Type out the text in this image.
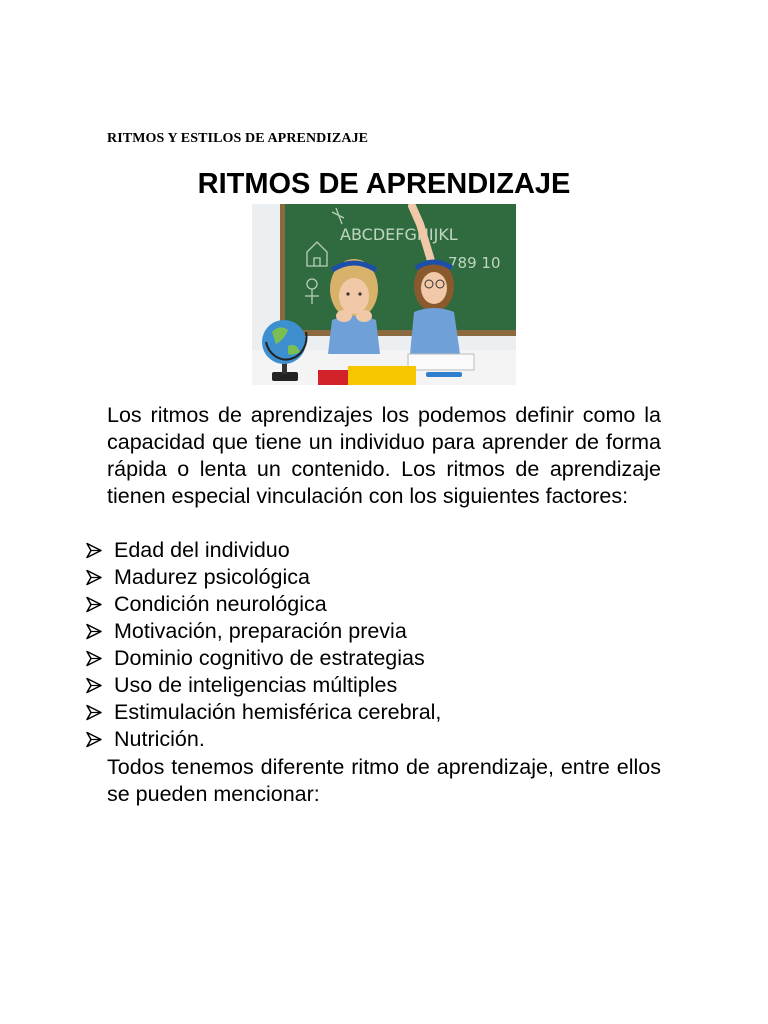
RITMOS Y ESTILOS DE APRENDIZAJE
RITMOS DE APRENDIZAJE
ABCDEFGHIJKL
789 10
Los ritmos de aprendizajes los podemos definir como la capacidad que tiene un individuo para aprender de forma rápida o lenta un contenido. Los ritmos de aprendizaje tienen especial vinculación con los siguientes factores:
Edad del individuo
Madurez psicológica
Condición neurológica
Motivación, preparación previa
Dominio cognitivo de estrategias
Uso de inteligencias múltiples
Estimulación hemisférica cerebral,
Nutrición.
Todos tenemos diferente ritmo de aprendizaje, entre ellos se pueden mencionar:
